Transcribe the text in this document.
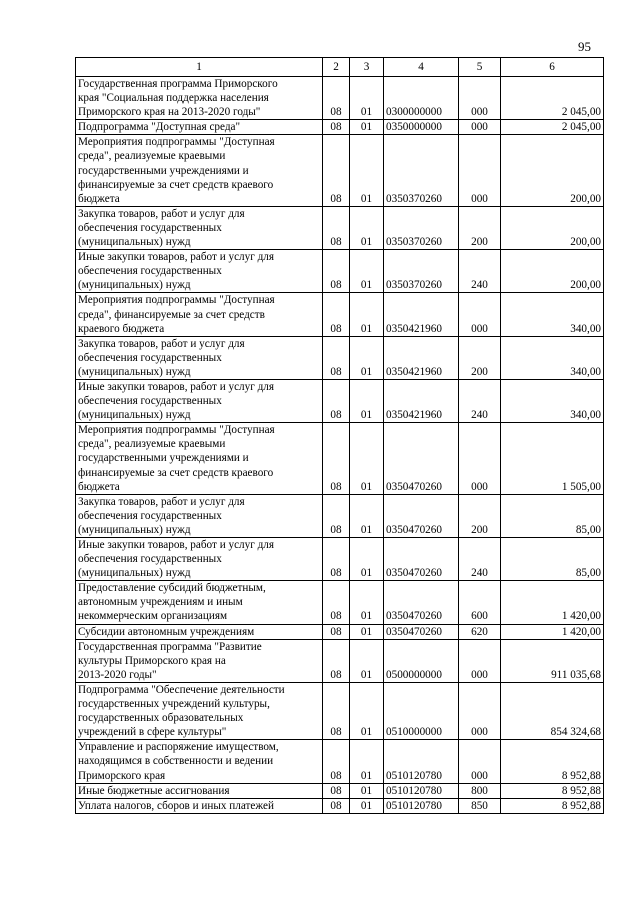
95
1	2	3	4	5	6
Государственная программа Приморского
края "Социальная поддержка населения
Приморского края на 2013-2020 годы"	08	01	0300000000	000	2 045,00
Подпрограмма "Доступная среда"	08	01	0350000000	000	2 045,00
Мероприятия подпрограммы "Доступная
среда", реализуемые краевыми
государственными учреждениями и
финансируемые за счет средств краевого
бюджета	08	01	0350370260	000	200,00
Закупка товаров, работ и услуг для
обеспечения государственных
(муниципальных) нужд	08	01	0350370260	200	200,00
Иные закупки товаров, работ и услуг для
обеспечения государственных
(муниципальных) нужд	08	01	0350370260	240	200,00
Мероприятия подпрограммы "Доступная
среда", финансируемые за счет средств
краевого бюджета	08	01	0350421960	000	340,00
Закупка товаров, работ и услуг для
обеспечения государственных
(муниципальных) нужд	08	01	0350421960	200	340,00
Иные закупки товаров, работ и услуг для
обеспечения государственных
(муниципальных) нужд	08	01	0350421960	240	340,00
Мероприятия подпрограммы "Доступная
среда", реализуемые краевыми
государственными учреждениями и
финансируемые за счет средств краевого
бюджета	08	01	0350470260	000	1 505,00
Закупка товаров, работ и услуг для
обеспечения государственных
(муниципальных) нужд	08	01	0350470260	200	85,00
Иные закупки товаров, работ и услуг для
обеспечения государственных
(муниципальных) нужд	08	01	0350470260	240	85,00
Предоставление субсидий бюджетным,
автономным учреждениям и иным
некоммерческим организациям	08	01	0350470260	600	1 420,00
Субсидии автономным учреждениям	08	01	0350470260	620	1 420,00
Государственная программа "Развитие
культуры Приморского края на
2013-2020 годы"	08	01	0500000000	000	911 035,68
Подпрограмма "Обеспечение деятельности
государственных учреждений культуры,
государственных образовательных
учреждений в сфере культуры"	08	01	0510000000	000	854 324,68
Управление и распоряжение имуществом,
находящимся в собственности и ведении
Приморского края	08	01	0510120780	000	8 952,88
Иные бюджетные ассигнования	08	01	0510120780	800	8 952,88
Уплата налогов, сборов и иных платежей	08	01	0510120780	850	8 952,88
